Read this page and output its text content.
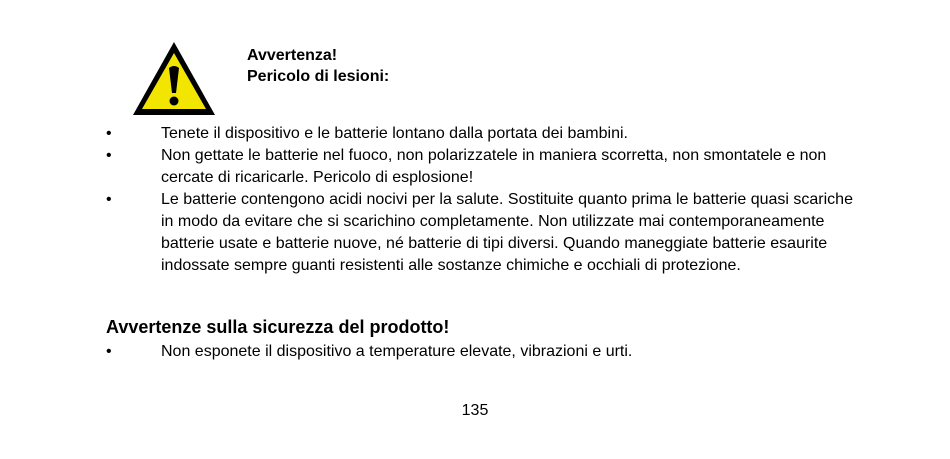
Avvertenza!
Pericolo di lesioni:
•	Tenete il dispositivo e le batterie lontano dalla portata dei bambini.
•	Non gettate le batterie nel fuoco, non polarizzatele in maniera scorretta, non smontatele e non cercate di ricaricarle. Pericolo di esplosione!
•	Le batterie contengono acidi nocivi per la salute. Sostituite quanto prima le batterie quasi scariche in modo da evitare che si scarichino completamente. Non utilizzate mai contemporaneamente batterie usate e batterie nuove, né batterie di tipi diversi. Quando maneggiate batterie esaurite indossate sempre guanti resistenti alle sostanze chimiche e occhiali di protezione.
Avvertenze sulla sicurezza del prodotto!
•	Non esponete il dispositivo a temperature elevate, vibrazioni e urti.
135
